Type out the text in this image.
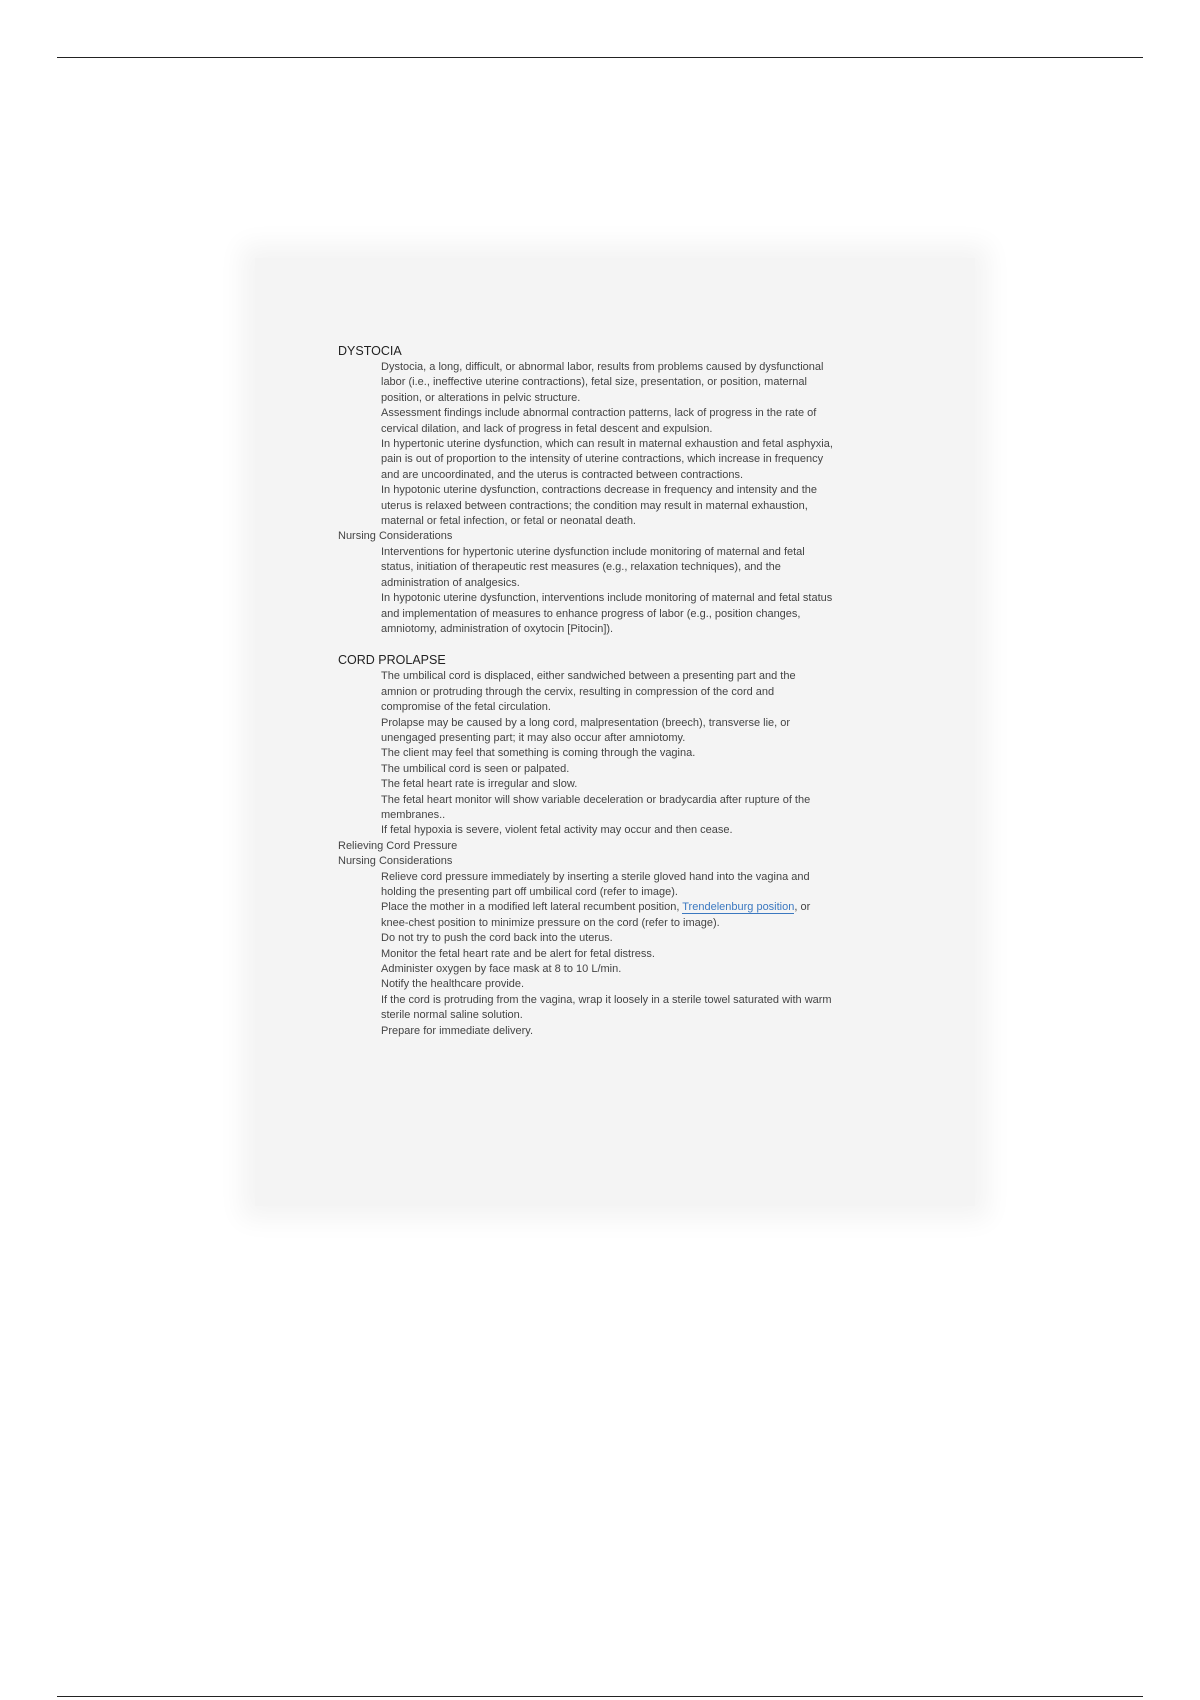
DYSTOCIA
Dystocia, a long, difficult, or abnormal labor, results from problems caused by dysfunctional labor (i.e., ineffective uterine contractions), fetal size, presentation, or position, maternal position, or alterations in pelvic structure.
Assessment findings include abnormal contraction patterns, lack of progress in the rate of cervical dilation, and lack of progress in fetal descent and expulsion.
In hypertonic uterine dysfunction, which can result in maternal exhaustion and fetal asphyxia, pain is out of proportion to the intensity of uterine contractions, which increase in frequency and are uncoordinated, and the uterus is contracted between contractions.
In hypotonic uterine dysfunction, contractions decrease in frequency and intensity and the uterus is relaxed between contractions; the condition may result in maternal exhaustion, maternal or fetal infection, or fetal or neonatal death.
Nursing Considerations
Interventions for hypertonic uterine dysfunction include monitoring of maternal and fetal status, initiation of therapeutic rest measures (e.g., relaxation techniques), and the administration of analgesics.
In hypotonic uterine dysfunction, interventions include monitoring of maternal and fetal status and implementation of measures to enhance progress of labor (e.g., position changes, amniotomy, administration of oxytocin [Pitocin]).
CORD PROLAPSE
The umbilical cord is displaced, either sandwiched between a presenting part and the amnion or protruding through the cervix, resulting in compression of the cord and compromise of the fetal circulation.
Prolapse may be caused by a long cord, malpresentation (breech), transverse lie, or unengaged presenting part; it may also occur after amniotomy.
The client may feel that something is coming through the vagina.
The umbilical cord is seen or palpated.
The fetal heart rate is irregular and slow.
The fetal heart monitor will show variable deceleration or bradycardia after rupture of the membranes..
If fetal hypoxia is severe, violent fetal activity may occur and then cease.
Relieving Cord Pressure
Nursing Considerations
Relieve cord pressure immediately by inserting a sterile gloved hand into the vagina and holding the presenting part off umbilical cord (refer to image).
Place the mother in a modified left lateral recumbent position, Trendelenburg position, or knee-chest position to minimize pressure on the cord (refer to image).
Do not try to push the cord back into the uterus.
Monitor the fetal heart rate and be alert for fetal distress.
Administer oxygen by face mask at 8 to 10 L/min.
Notify the healthcare provide.
If the cord is protruding from the vagina, wrap it loosely in a sterile towel saturated with warm sterile normal saline solution.
Prepare for immediate delivery.
